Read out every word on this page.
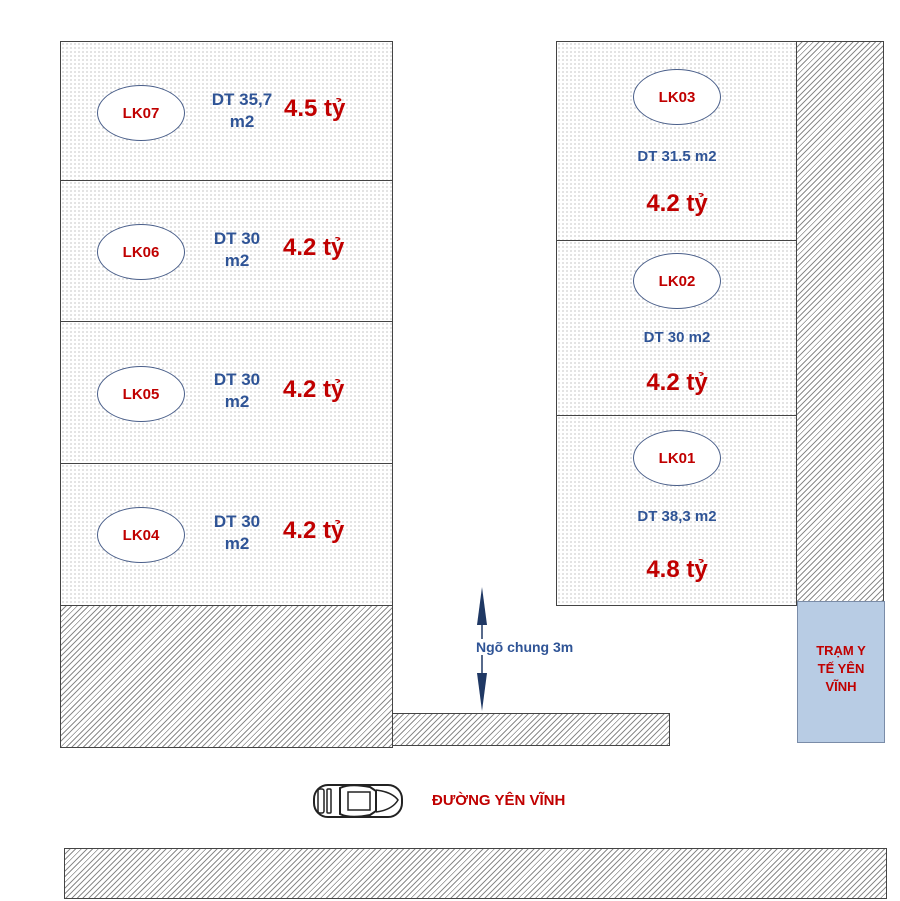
LK07
DT 35,7
m2	4.5 tỷ
LK06
DT 30
m2	4.2 tỷ
LK05
DT 30
m2	4.2 tỷ
LK04
DT 30
m2	4.2 tỷ
LK03
DT 31.5 m2
4.2 tỷ
LK02
DT 30 m2
4.2 tỷ
LK01
DT 38,3 m2
4.8 tỷ
TRẠM Y
TẾ YÊN
VĨNH
Ngõ chung 3m
ĐƯỜNG YÊN VĨNH
